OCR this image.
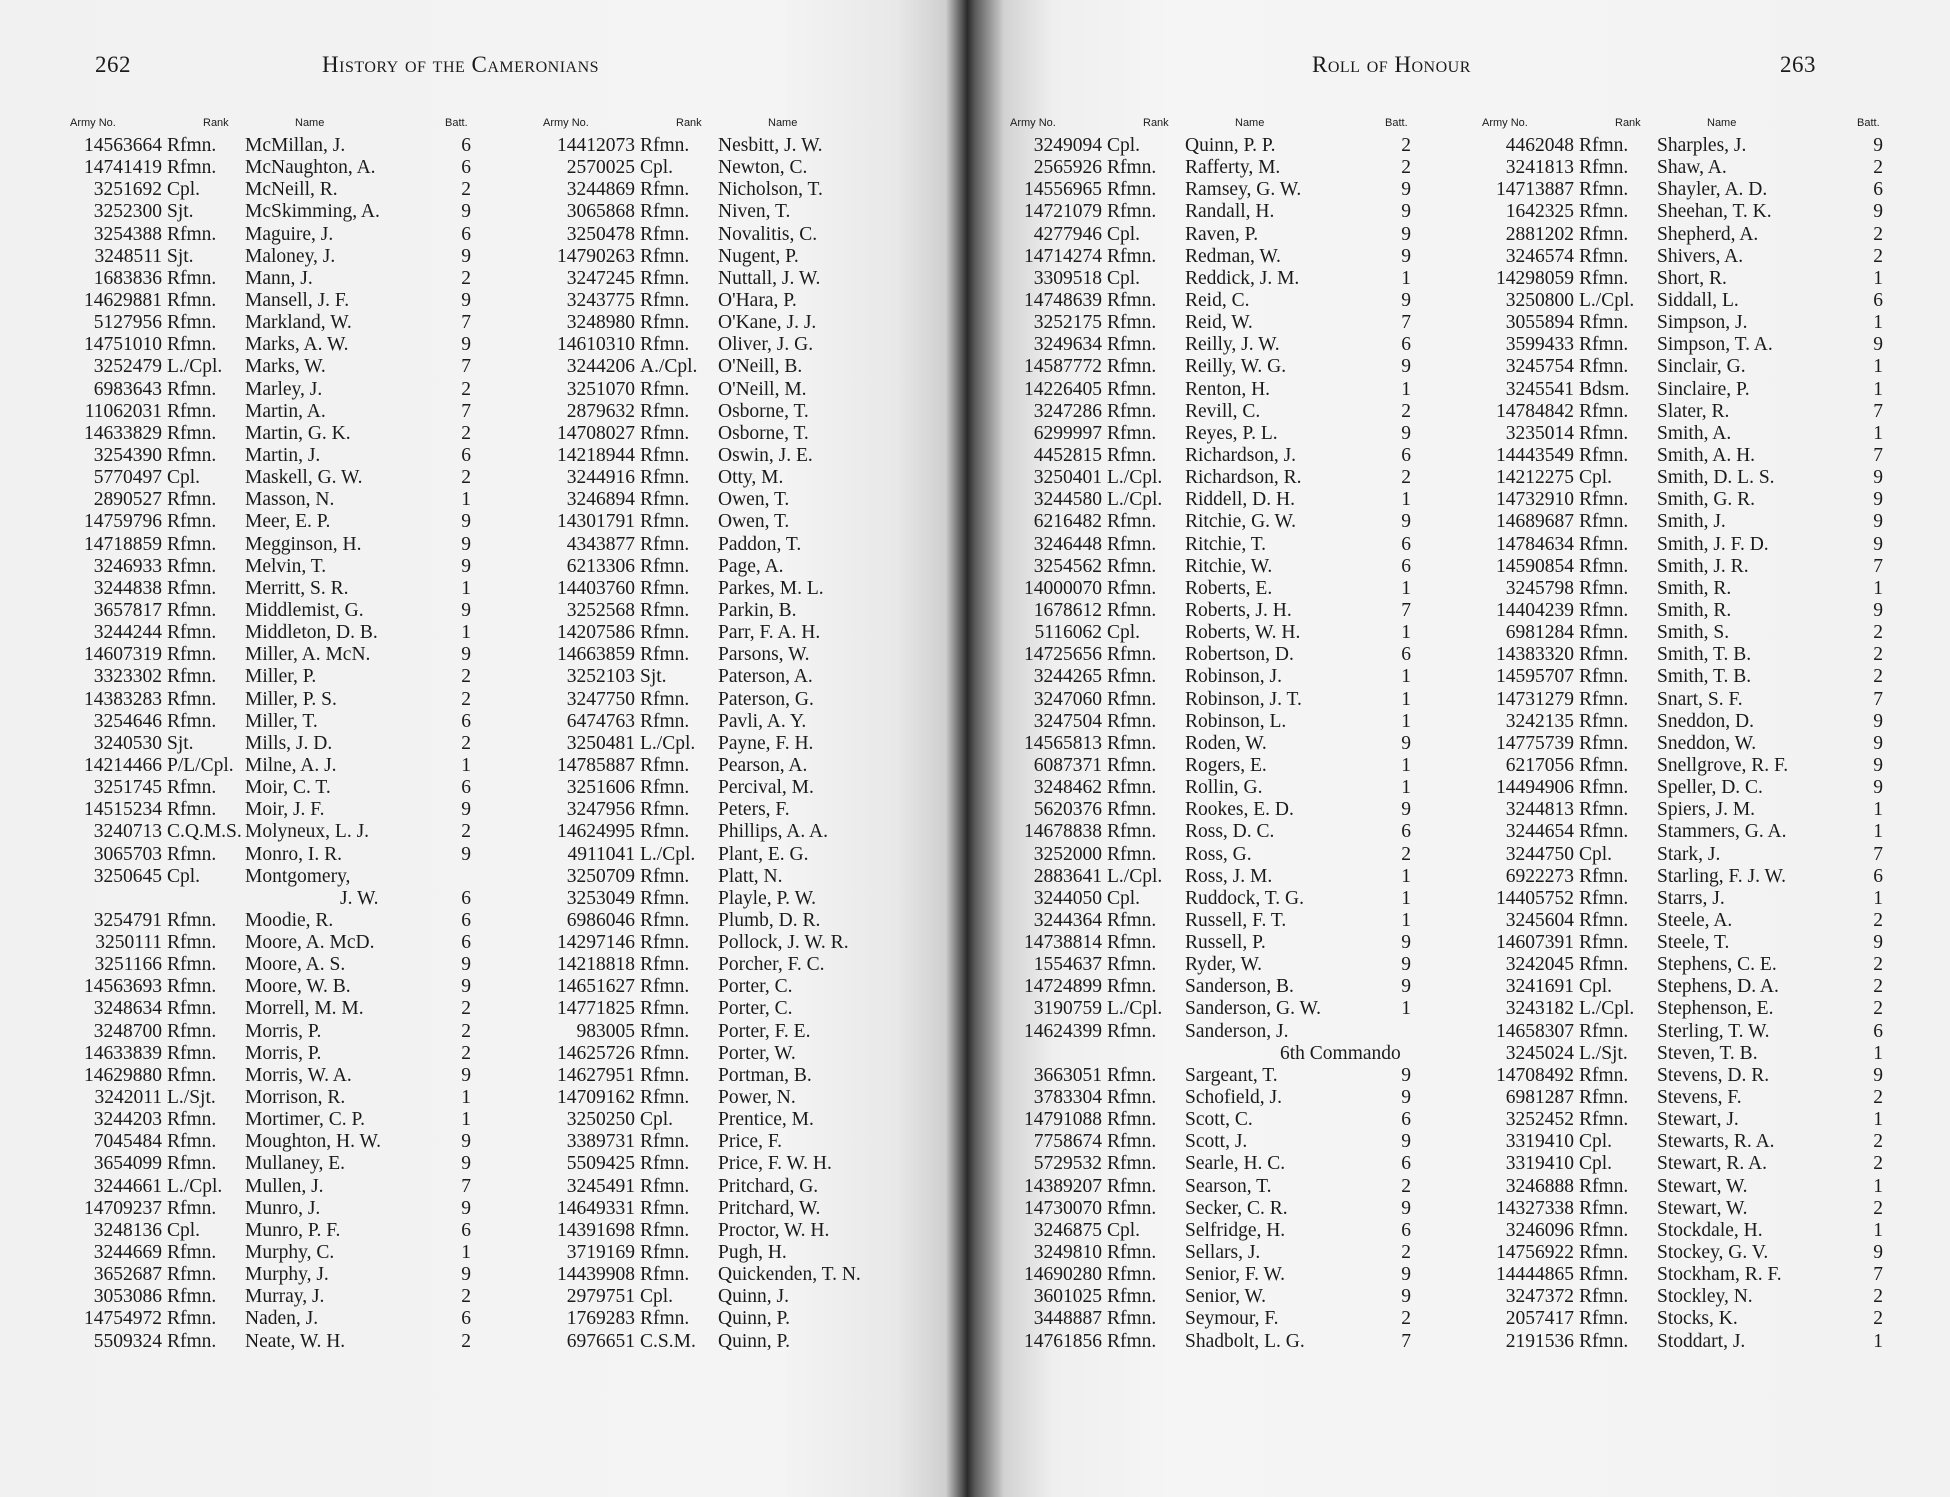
262	History of the Cameronians
Army No.	Rank	Name	Batt.
14563664 Rfmn. McMillan, J.	6
14741419 Rfmn. McNaughton, A.	6
3251692 Cpl. McNeill, R.	2
3252300 Sjt.	McSkimming, A.	9
3254388 Rfmn. Maguire, J.	6
3248511 Sjt.	Maloney, J.	9
1683836 Rfmn. Mann, J.	2
14629881 Rfmn. Mansell, J. F.	9
5127956 Rfmn. Markland, W.	7
14751010 Rfmn. Marks, A. W.	9
3252479 L./Cpl. Marks, W.	7
6983643 Rfmn. Marley, J.	2
11062031 Rfmn. Martin, A.	7
14633829 Rfmn. Martin, G. K.	2
3254390 Rfmn. Martin, J.	6
5770497 Cpl. Maskell, G. W.	2
2890527 Rfmn. Masson, N.	1
14759796 Rfmn. Meer, E. P.	9
14718859 Rfmn. Megginson, H.	9
3246933 Rfmn. Melvin, T.	9
3244838 Rfmn. Merritt, S. R.	1
3657817 Rfmn. Middlemist, G.	9
3244244 Rfmn. Middleton, D. B.	1
14607319 Rfmn. Miller, A. McN.	9
3323302 Rfmn. Miller, P.	2
14383283 Rfmn. Miller, P. S.	2
3254646 Rfmn. Miller, T.	6
3240530 Sjt.	Mills, J. D.	2
14214466 P/L/Cpl. Milne, A. J.	1
3251745 Rfmn. Moir, C. T.	6
14515234 Rfmn. Moir, J. F.	9
3240713 C.Q.M.S. Molyneux, L. J.	2
3065703 Rfmn. Monro, I. R.	9
3250645 Cpl. Montgomery,
J. W.	6
3254791 Rfmn. Moodie, R.	6
3250111 Rfmn. Moore, A. McD.	6
3251166 Rfmn. Moore, A. S.	9
14563693 Rfmn. Moore, W. B.	9
3248634 Rfmn. Morrell, M. M.	2
3248700 Rfmn. Morris, P.	2
14633839 Rfmn. Morris, P.	2
14629880 Rfmn. Morris, W. A.	9
3242011 L./Sjt. Morrison, R.	1
3244203 Rfmn. Mortimer, C. P.	1
7045484 Rfmn. Moughton, H. W.	9
3654099 Rfmn. Mullaney, E.	9
3244661 L./Cpl. Mullen, J.	7
14709237 Rfmn. Munro, J.	9
3248136 Cpl. Munro, P. F.	6
3244669 Rfmn. Murphy, C.	1
3652687 Rfmn. Murphy, J.	9
3053086 Rfmn. Murray, J.	2
14754972 Rfmn. Naden, J.	6
5509324 Rfmn. Neate, W. H.	2
Army No.	Rank	Name
14412073 Rfmn. Nesbitt, J. W.
2570025 Cpl. Newton, C.
3244869 Rfmn. Nicholson, T.
3065868 Rfmn. Niven, T.
3250478 Rfmn. Novalitis, C.
14790263 Rfmn. Nugent, P.
3247245 Rfmn. Nuttall, J. W.
3243775 Rfmn. O'Hara, P.
3248980 Rfmn. O'Kane, J. J.
14610310 Rfmn. Oliver, J. G.
3244206 A./Cpl. O'Neill, B.
3251070 Rfmn. O'Neill, M.
2879632 Rfmn. Osborne, T.
14708027 Rfmn. Osborne, T.
14218944 Rfmn. Oswin, J. E.
3244916 Rfmn. Otty, M.
3246894 Rfmn. Owen, T.
14301791 Rfmn. Owen, T.
4343877 Rfmn. Paddon, T.
6213306 Rfmn. Page, A.
14403760 Rfmn. Parkes, M. L.
3252568 Rfmn. Parkin, B.
14207586 Rfmn. Parr, F. A. H.
14663859 Rfmn. Parsons, W.
3252103 Sjt.	Paterson, A.
3247750 Rfmn. Paterson, G.
6474763 Rfmn. Pavli, A. Y.
3250481 L./Cpl. Payne, F. H.
14785887 Rfmn. Pearson, A.
3251606 Rfmn. Percival, M.
3247956 Rfmn. Peters, F.
14624995 Rfmn. Phillips, A. A.
4911041 L./Cpl. Plant, E. G.
3250709 Rfmn. Platt, N.
3253049 Rfmn. Playle, P. W.
6986046 Rfmn. Plumb, D. R.
14297146 Rfmn. Pollock, J. W. R.
14218818 Rfmn. Porcher, F. C.
14651627 Rfmn. Porter, C.
14771825 Rfmn. Porter, C.
983005 Rfmn. Porter, F. E.
14625726 Rfmn. Porter, W.
14627951 Rfmn. Portman, B.
14709162 Rfmn. Power, N.
3250250 Cpl. Prentice, M.
3389731 Rfmn. Price, F.
5509425 Rfmn. Price, F. W. H.
3245491 Rfmn. Pritchard, G.
14649331 Rfmn. Pritchard, W.
14391698 Rfmn. Proctor, W. H.
3719169 Rfmn. Pugh, H.
14439908 Rfmn. Quickenden, T. N.
2979751 Cpl. Quinn, J.
1769283 Rfmn. Quinn, P.
6976651 C.S.M. Quinn, P.
Roll of Honour	263
Army No.	Rank	Name	Batt.
3249094 Cpl. Quinn, P. P.	2
2565926 Rfmn. Rafferty, M.	2
14556965 Rfmn. Ramsey, G. W.	9
14721079 Rfmn. Randall, H.	9
4277946 Cpl. Raven, P.	9
14714274 Rfmn. Redman, W.	9
3309518 Cpl. Reddick, J. M.	1
14748639 Rfmn. Reid, C.	9
3252175 Rfmn. Reid, W.	7
3249634 Rfmn. Reilly, J. W.	6
14587772 Rfmn. Reilly, W. G.	9
14226405 Rfmn. Renton, H.	1
3247286 Rfmn. Revill, C.	2
6299997 Rfmn. Reyes, P. L.	9
4452815 Rfmn. Richardson, J.	6
3250401 L./Cpl. Richardson, R.	2
3244580 L./Cpl. Riddell, D. H.	1
6216482 Rfmn. Ritchie, G. W.	9
3246448 Rfmn. Ritchie, T.	6
3254562 Rfmn. Ritchie, W.	6
14000070 Rfmn. Roberts, E.	1
1678612 Rfmn. Roberts, J. H.	7
5116062 Cpl. Roberts, W. H.	1
14725656 Rfmn. Robertson, D.	6
3244265 Rfmn. Robinson, J.	1
3247060 Rfmn. Robinson, J. T.	1
3247504 Rfmn. Robinson, L.	1
14565813 Rfmn. Roden, W.	9
6087371 Rfmn. Rogers, E.	1
3248462 Rfmn. Rollin, G.	1
5620376 Rfmn. Rookes, E. D.	9
14678838 Rfmn. Ross, D. C.	6
3252000 Rfmn. Ross, G.	2
2883641 L./Cpl. Ross, J. M.	1
3244050 Cpl. Ruddock, T. G.	1
3244364 Rfmn. Russell, F. T.	1
14738814 Rfmn. Russell, P.	9
1554637 Rfmn. Ryder, W.	9
14724899 Rfmn. Sanderson, B.	9
3190759 L./Cpl. Sanderson, G. W.	1
14624399 Rfmn. Sanderson, J.
6th Commando
3663051 Rfmn. Sargeant, T.	9
3783304 Rfmn. Schofield, J.	9
14791088 Rfmn. Scott, C.	6
7758674 Rfmn. Scott, J.	9
5729532 Rfmn. Searle, H. C.	6
14389207 Rfmn. Searson, T.	2
14730070 Rfmn. Secker, C. R.	9
3246875 Cpl. Selfridge, H.	6
3249810 Rfmn. Sellars, J.	2
14690280 Rfmn. Senior, F. W.	9
3601025 Rfmn. Senior, W.	9
3448887 Rfmn. Seymour, F.	2
14761856 Rfmn. Shadbolt, L. G.	7
Army No.	Rank	Name	Batt.
4462048 Rfmn. Sharples, J.	9
3241813 Rfmn. Shaw, A.	2
14713887 Rfmn. Shayler, A. D.	6
1642325 Rfmn. Sheehan, T. K.	9
2881202 Rfmn. Shepherd, A.	2
3246574 Rfmn. Shivers, A.	2
14298059 Rfmn. Short, R.	1
3250800 L./Cpl. Siddall, L.	6
3055894 Rfmn. Simpson, J.	1
3599433 Rfmn. Simpson, T. A.	9
3245754 Rfmn. Sinclair, G.	1
3245541 Bdsm. Sinclaire, P.	1
14784842 Rfmn. Slater, R.	7
3235014 Rfmn. Smith, A.	1
14443549 Rfmn. Smith, A. H.	7
14212275 Cpl. Smith, D. L. S.	9
14732910 Rfmn. Smith, G. R.	9
14689687 Rfmn. Smith, J.	9
14784634 Rfmn. Smith, J. F. D.	9
14590854 Rfmn. Smith, J. R.	7
3245798 Rfmn. Smith, R.	1
14404239 Rfmn. Smith, R.	9
6981284 Rfmn. Smith, S.	2
14383320 Rfmn. Smith, T. B.	2
14595707 Rfmn. Smith, T. B.	2
14731279 Rfmn. Snart, S. F.	7
3242135 Rfmn. Sneddon, D.	9
14775739 Rfmn. Sneddon, W.	9
6217056 Rfmn. Snellgrove, R. F.	9
14494906 Rfmn. Speller, D. C.	9
3244813 Rfmn. Spiers, J. M.	1
3244654 Rfmn. Stammers, G. A.	1
3244750 Cpl. Stark, J.	7
6922273 Rfmn. Starling, F. J. W.	6
14405752 Rfmn. Starrs, J.	1
3245604 Rfmn. Steele, A.	2
14607391 Rfmn. Steele, T.	9
3242045 Rfmn. Stephens, C. E.	2
3241691 Cpl. Stephens, D. A.	2
3243182 L./Cpl. Stephenson, E.	2
14658307 Rfmn. Sterling, T. W.	6
3245024 L./Sjt. Steven, T. B.	1
14708492 Rfmn. Stevens, D. R.	9
6981287 Rfmn. Stevens, F.	2
3252452 Rfmn. Stewart, J.	1
3319410 Cpl. Stewarts, R. A.	2
3319410 Cpl. Stewart, R. A.	2
3246888 Rfmn. Stewart, W.	1
14327338 Rfmn. Stewart, W.	2
3246096 Rfmn. Stockdale, H.	1
14756922 Rfmn. Stockey, G. V.	9
14444865 Rfmn. Stockham, R. F.	7
3247372 Rfmn. Stockley, N.	2
2057417 Rfmn. Stocks, K.	2
2191536 Rfmn. Stoddart, J.	1
